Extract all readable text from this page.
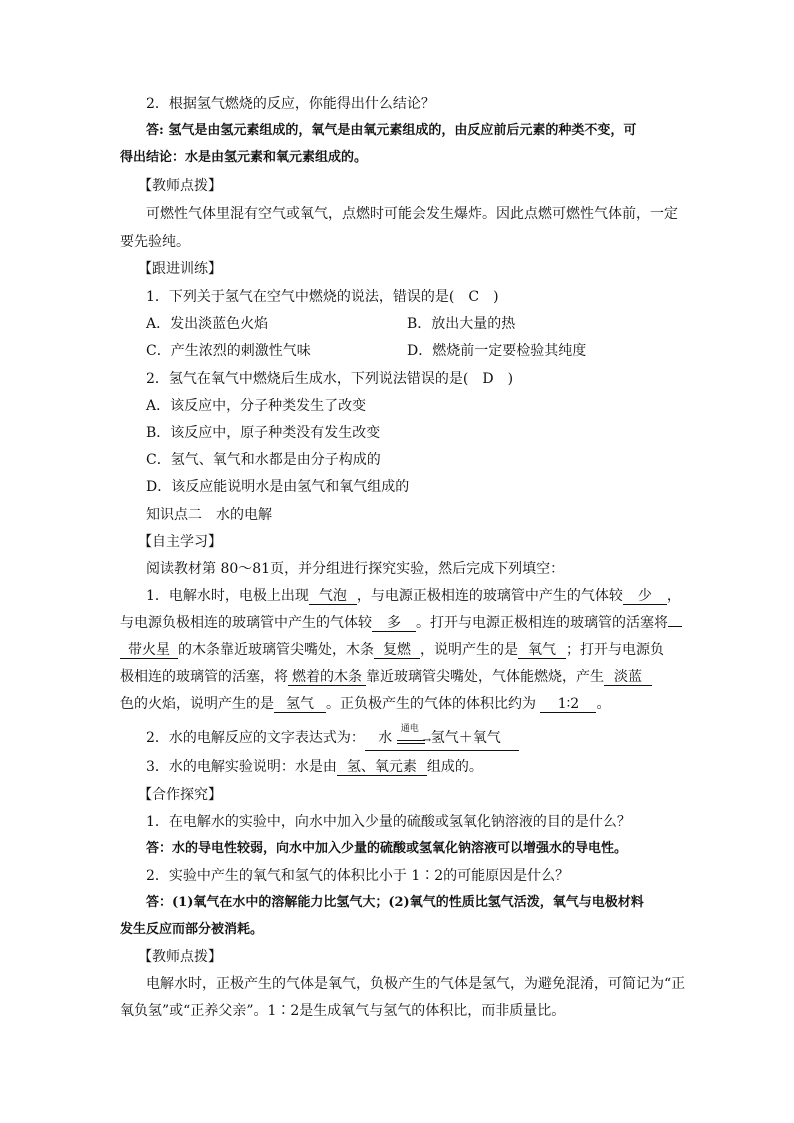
2．根据氢气燃烧的反应，你能得出什么结论？
答: 氢气是由氢元素组成的，氧气是由氧元素组成的，由反应前后元素的种类不变，可
得出结论：水是由氢元素和氧元素组成的。
【教师点拨】
可燃性气体里混有空气或氧气，点燃时可能会发生爆炸。因此点燃可燃性气体前，一定
要先验纯。
【跟进训练】
1．下列关于氢气在空气中燃烧的说法，错误的是(　C　)
A．发出淡蓝色火焰	B．放出大量的热
C．产生浓烈的刺激性气味	D．燃烧前一定要检验其纯度
2．氢气在氧气中燃烧后生成水，下列说法错误的是(　D　)
A．该反应中，分子种类发生了改变
B．该反应中，原子种类没有发生改变
C．氢气、氧气和水都是由分子构成的
D．该反应能说明水是由氢气和氧气组成的
知识点二　水的电解
【自主学习】
阅读教材第 80～81页，并分组进行探究实验，然后完成下列填空：
1．电解水时，电极上出现 气泡 ，与电源正极相连的玻璃管中产生的气体较 少 ，
与电源负极相连的玻璃管中产生的气体较 多 。打开与电源正极相连的玻璃管的活塞将
带火星 的木条靠近玻璃管尖嘴处，木条 复燃 ，说明产生的是 氧气 ；打开与电源负
极相连的玻璃管的活塞，将 燃着的木条 靠近玻璃管尖嘴处，气体能燃烧，产生 淡蓝
色的火焰，说明产生的是 氢气 。正负极产生的气体的体积比约为 1∶2 。
2．水的电解反应的文字表达式为： 水
通电
→ 氢气＋氧气
3．水的电解实验说明：水是由 氢、氧元素 组成的。
【合作探究】
1．在电解水的实验中，向水中加入少量的硫酸或氢氧化钠溶液的目的是什么？
答：水的导电性较弱，向水中加入少量的硫酸或氢氧化钠溶液可以增强水的导电性。
2．实验中产生的氧气和氢气的体积比小于 1∶2的可能原因是什么？
答：(1)氧气在水中的溶解能力比氢气大；(2)氧气的性质比氢气活泼，氧气与电极材料
发生反应而部分被消耗。
【教师点拨】
电解水时，正极产生的气体是氧气，负极产生的气体是氢气，为避免混淆，可简记为“正
氧负氢”或“正养父亲”。1∶2是生成氧气与氢气的体积比，而非质量比。
